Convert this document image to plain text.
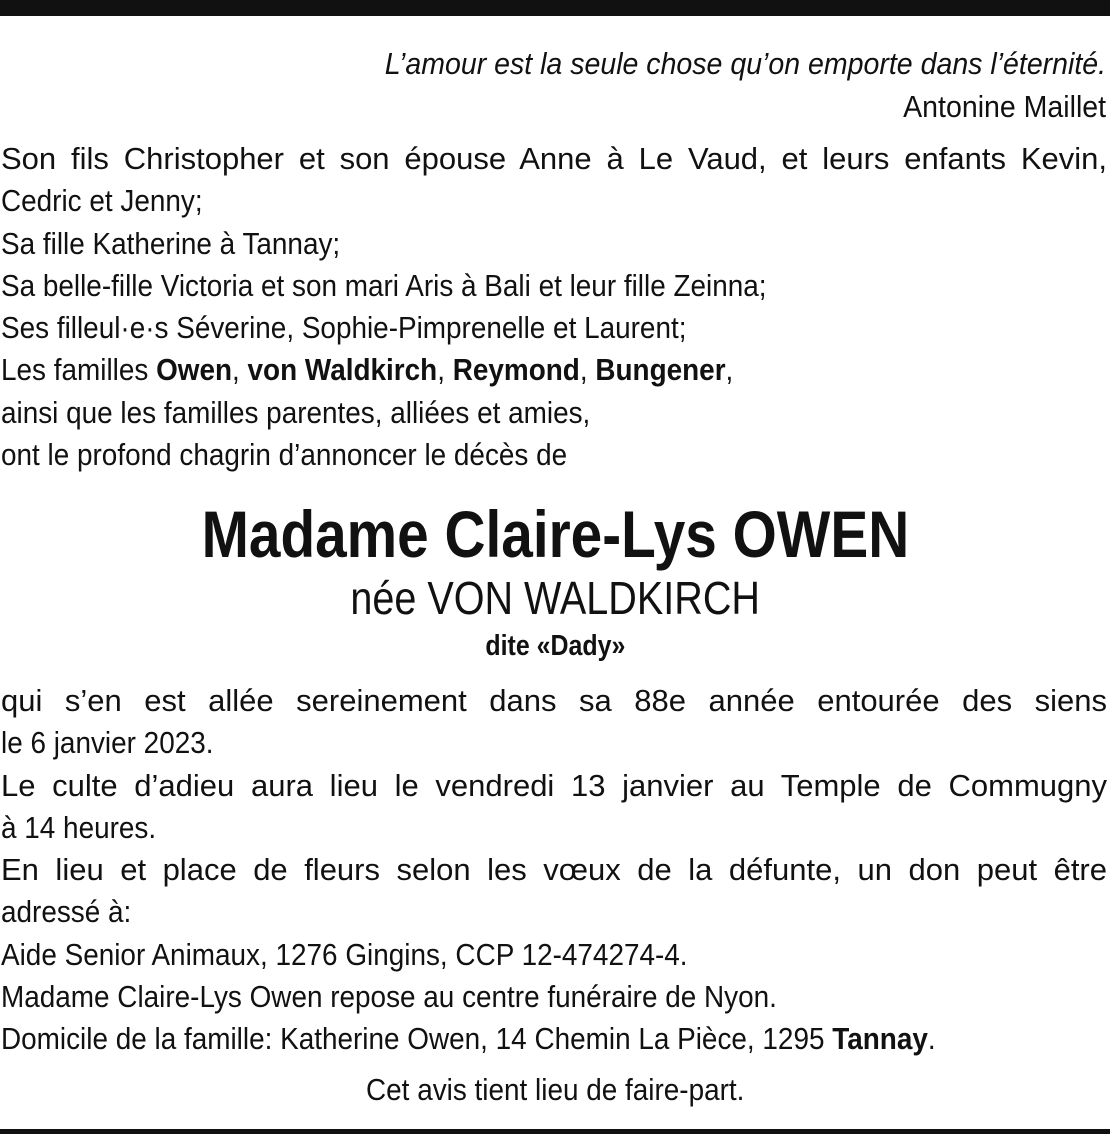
L’amour est la seule chose qu’on emporte dans l’éternité.
Antonine Maillet
Son fils Christopher et son épouse Anne à Le Vaud, et leurs enfants Kevin,
Cedric et Jenny;
Sa fille Katherine à Tannay;
Sa belle-fille Victoria et son mari Aris à Bali et leur fille Zeinna;
Ses filleul·e·s Séverine, Sophie-Pimprenelle et Laurent;
Les familles Owen, von Waldkirch, Reymond, Bungener,
ainsi que les familles parentes, alliées et amies,
ont le profond chagrin d’annoncer le décès de
Madame Claire-Lys OWEN
née VON WALDKIRCH
dite «Dady»
qui s’en est allée sereinement dans sa 88e année entourée des siens
le 6 janvier 2023.
Le culte d’adieu aura lieu le vendredi 13 janvier au Temple de Commugny
à 14 heures.
En lieu et place de fleurs selon les vœux de la défunte, un don peut être
adressé à:
Aide Senior Animaux, 1276 Gingins, CCP 12-474274-4.
Madame Claire-Lys Owen repose au centre funéraire de Nyon.
Domicile de la famille: Katherine Owen, 14 Chemin La Pièce, 1295 Tannay.
Cet avis tient lieu de faire-part.
